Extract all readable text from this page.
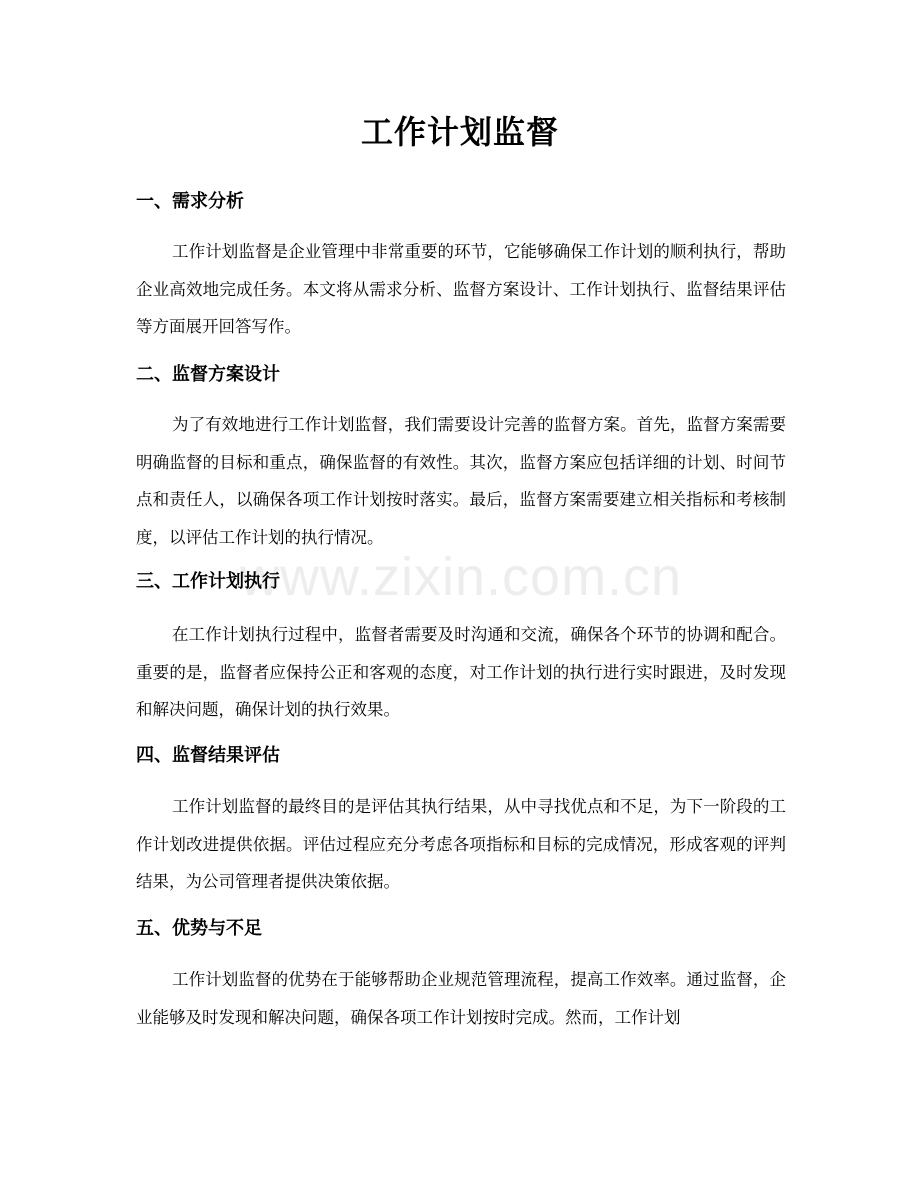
www.zixin.com.cn
工作计划监督
一、需求分析
工作计划监督是企业管理中非常重要的环节，它能够确保工作计划的顺利执行，帮助企业高效地完成任务。本文将从需求分析、监督方案设计、工作计划执行、监督结果评估等方面展开回答写作。
二、监督方案设计
为了有效地进行工作计划监督，我们需要设计完善的监督方案。首先，监督方案需要明确监督的目标和重点，确保监督的有效性。其次，监督方案应包括详细的计划、时间节点和责任人，以确保各项工作计划按时落实。最后，监督方案需要建立相关指标和考核制度，以评估工作计划的执行情况。
三、工作计划执行
在工作计划执行过程中，监督者需要及时沟通和交流，确保各个环节的协调和配合。重要的是，监督者应保持公正和客观的态度，对工作计划的执行进行实时跟进，及时发现和解决问题，确保计划的执行效果。
四、监督结果评估
工作计划监督的最终目的是评估其执行结果，从中寻找优点和不足，为下一阶段的工作计划改进提供依据。评估过程应充分考虑各项指标和目标的完成情况，形成客观的评判结果，为公司管理者提供决策依据。
五、优势与不足
工作计划监督的优势在于能够帮助企业规范管理流程，提高工作效率。通过监督，企业能够及时发现和解决问题，确保各项工作计划按时完成。然而，工作计划
